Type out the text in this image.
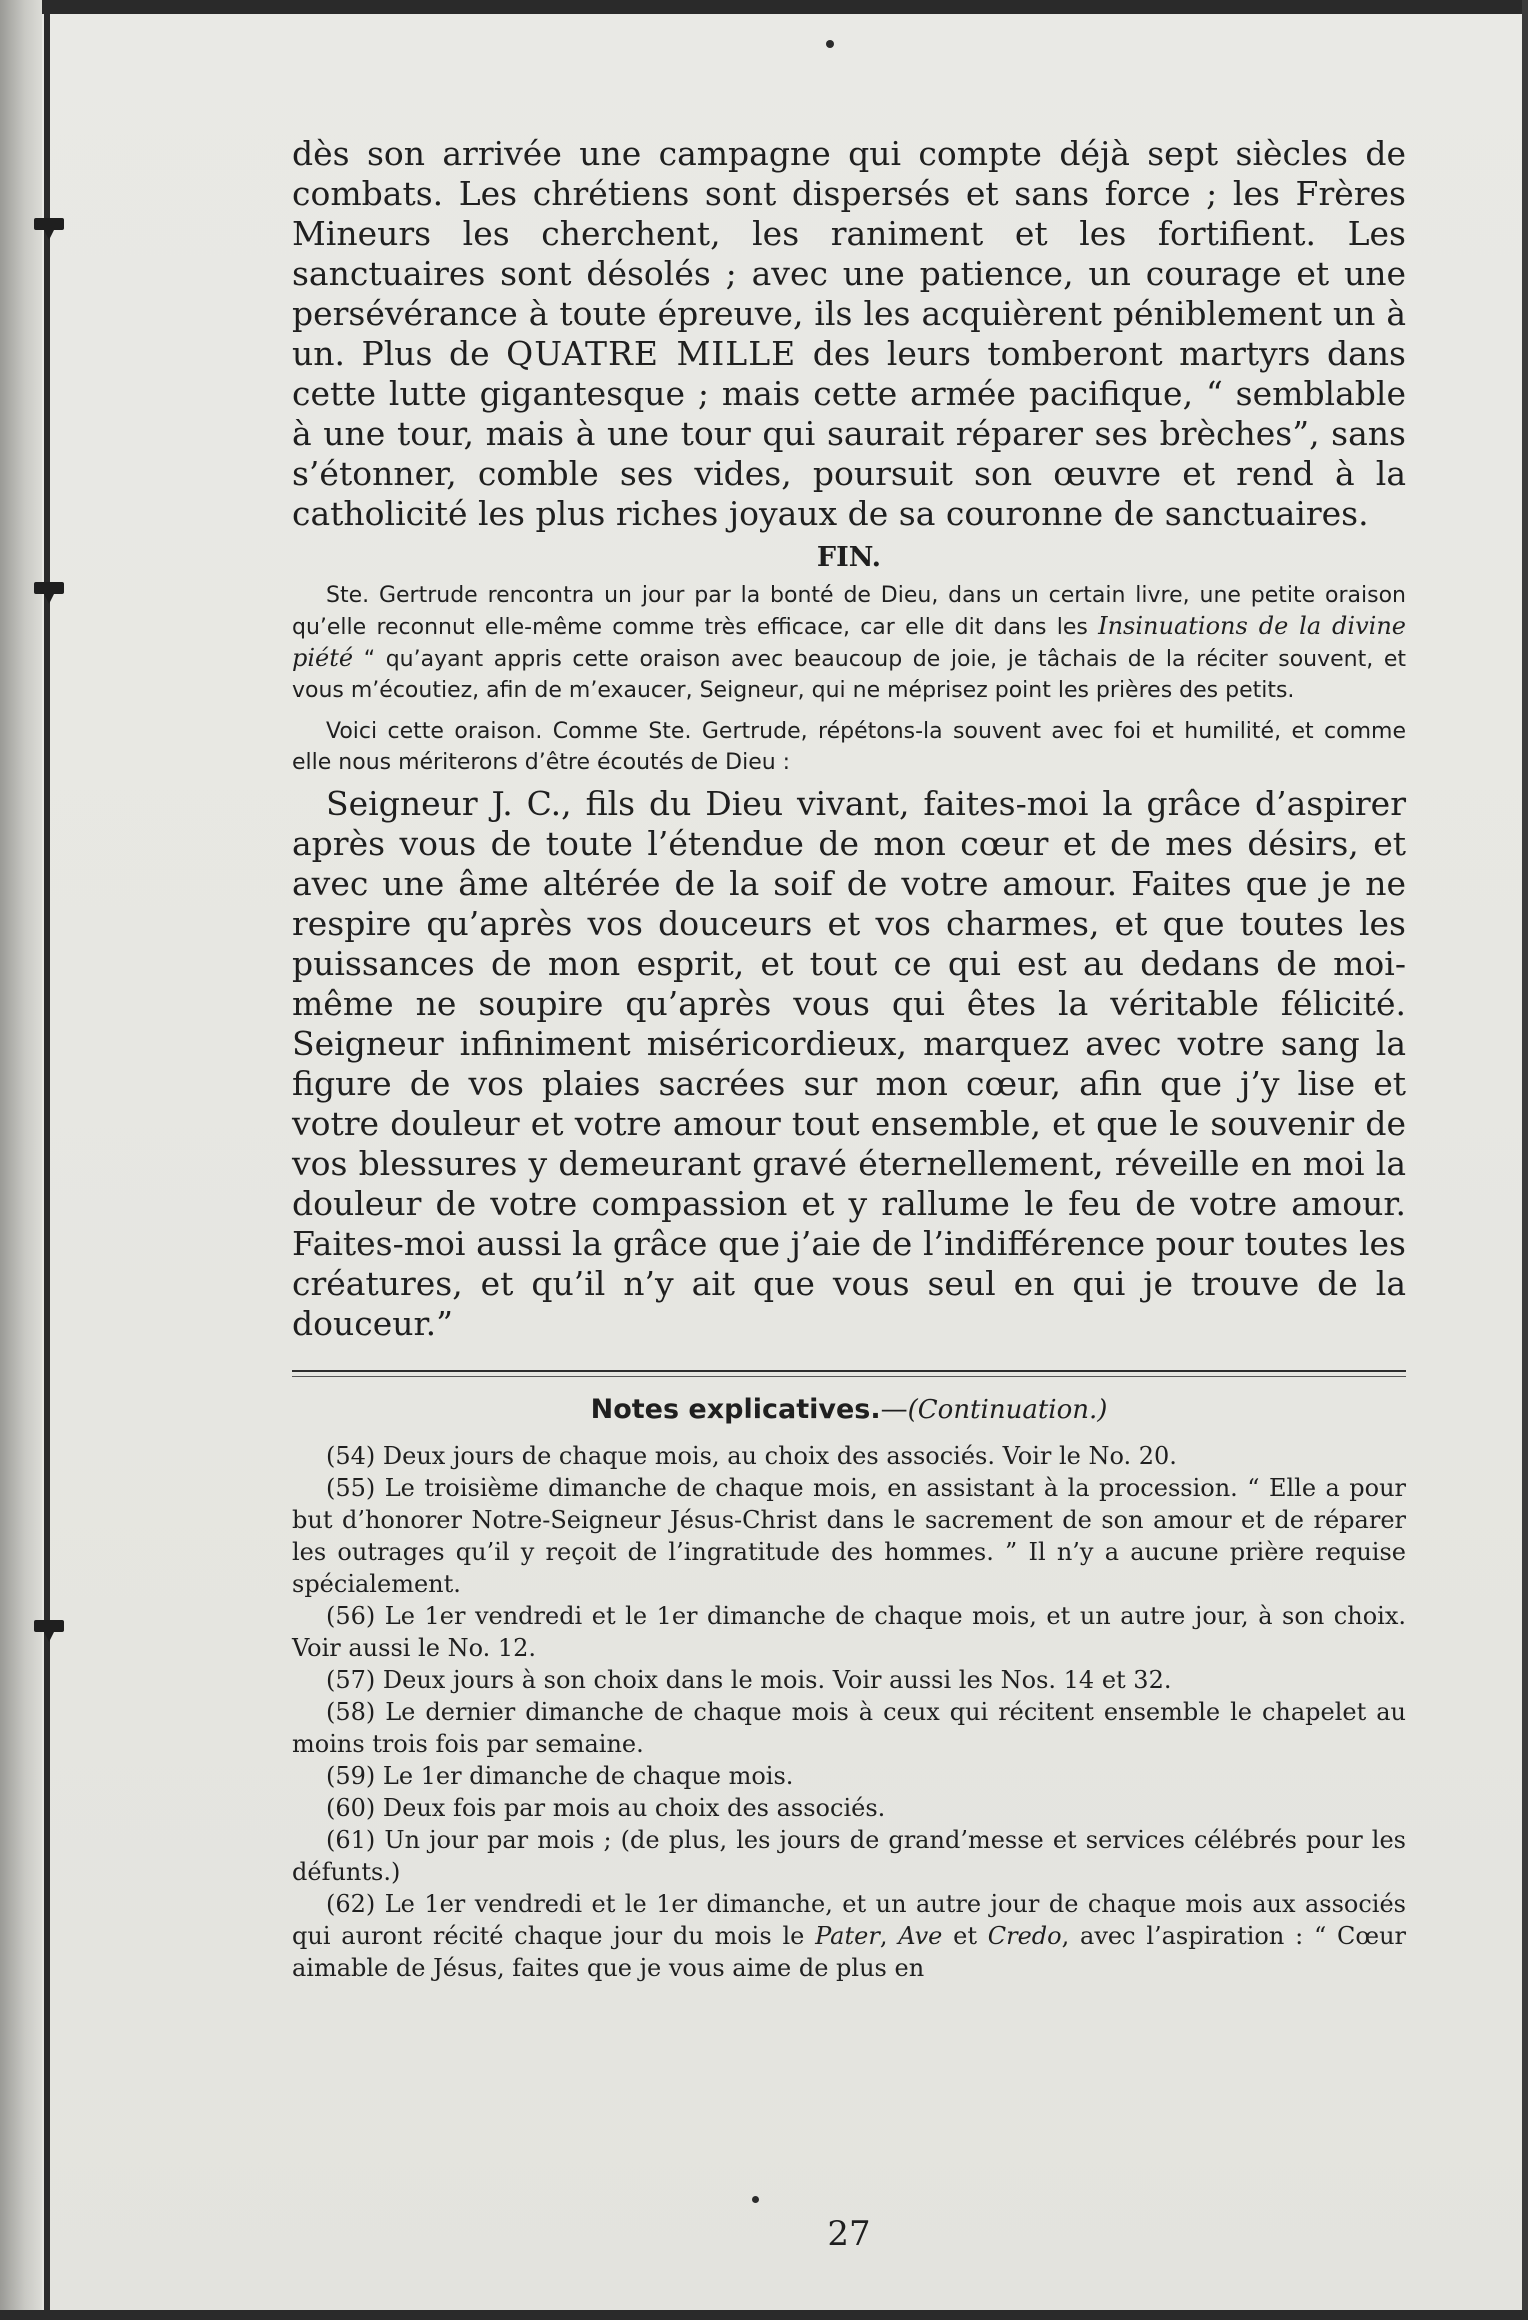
dès son arrivée une campagne qui compte déjà sept siècles de combats. Les chrétiens sont dispersés et sans force ; les Frères Mineurs les cherchent, les raniment et les fortifient. Les sanctuaires sont désolés ; avec une patience, un courage et une persévérance à toute épreuve, ils les acquièrent péniblement un à un. Plus de QUATRE MILLE des leurs tomberont martyrs dans cette lutte gigantesque ; mais cette armée pacifique, “ semblable à une tour, mais à une tour qui saurait réparer ses brèches”, sans s’étonner, comble ses vides, poursuit son œuvre et rend à la catholicité les plus riches joyaux de sa couronne de sanctuaires.

FIN.

Ste. Gertrude rencontra un jour par la bonté de Dieu, dans un certain livre, une petite oraison qu’elle reconnut elle-même comme très efficace, car elle dit dans les Insinuations de la divine piété “ qu’ayant appris cette oraison avec beaucoup de joie, je tâchais de la réciter souvent, et vous m’écoutiez, afin de m’exaucer, Seigneur, qui ne méprisez point les prières des petits.

Voici cette oraison. Comme Ste. Gertrude, répétons-la souvent avec foi et humilité, et comme elle nous mériterons d’être écoutés de Dieu :

Seigneur J. C., fils du Dieu vivant, faites-moi la grâce d’aspirer après vous de toute l’étendue de mon cœur et de mes désirs, et avec une âme altérée de la soif de votre amour. Faites que je ne respire qu’après vos douceurs et vos charmes, et que toutes les puissances de mon esprit, et tout ce qui est au dedans de moi-même ne soupire qu’après vous qui êtes la véritable félicité. Seigneur infiniment miséricordieux, marquez avec votre sang la figure de vos plaies sacrées sur mon cœur, afin que j’y lise et votre douleur et votre amour tout ensemble, et que le souvenir de vos blessures y demeurant gravé éternellement, réveille en moi la douleur de votre compassion et y rallume le feu de votre amour. Faites-moi aussi la grâce que j’aie de l’indifférence pour toutes les créatures, et qu’il n’y ait que vous seul en qui je trouve de la douceur.”

Notes explicatives.—(Continuation.)
(54) Deux jours de chaque mois, au choix des associés. Voir le No. 20.
(55) Le troisième dimanche de chaque mois, en assistant à la procession. “ Elle a pour but d’honorer Notre-Seigneur Jésus-Christ dans le sacrement de son amour et de réparer les outrages qu’il y reçoit de l’ingratitude des hommes. ” Il n’y a aucune prière requise spécialement.
(56) Le 1er vendredi et le 1er dimanche de chaque mois, et un autre jour, à son choix. Voir aussi le No. 12.
(57) Deux jours à son choix dans le mois. Voir aussi les Nos. 14 et 32.
(58) Le dernier dimanche de chaque mois à ceux qui récitent ensemble le chapelet au moins trois fois par semaine.
(59) Le 1er dimanche de chaque mois.
(60) Deux fois par mois au choix des associés.
(61) Un jour par mois ; (de plus, les jours de grand’messe et services célébrés pour les défunts.)
(62) Le 1er vendredi et le 1er dimanche, et un autre jour de chaque mois aux associés qui auront récité chaque jour du mois le Pater, Ave et Credo, avec l’aspiration : “ Cœur aimable de Jésus, faites que je vous aime de plus en
27
